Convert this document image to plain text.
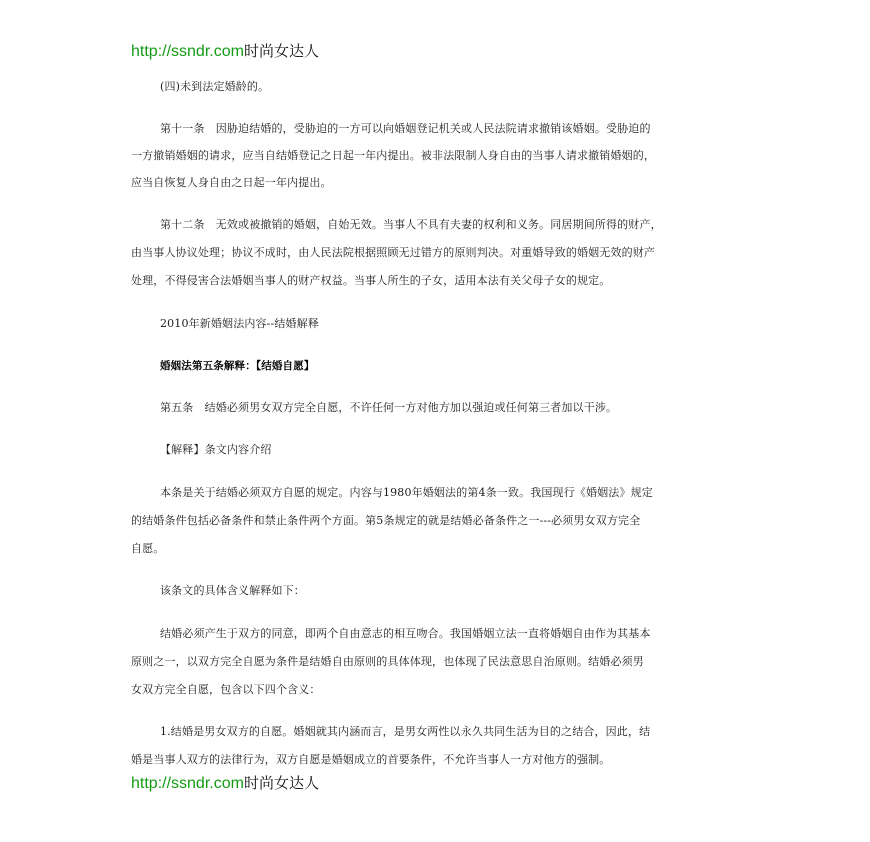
http://ssndr.com时尚女达人
(四)未到法定婚龄的。
第十一条　因胁迫结婚的，受胁迫的一方可以向婚姻登记机关或人民法院请求撤销该婚姻。受胁迫的
一方撤销婚姻的请求，应当自结婚登记之日起一年内提出。被非法限制人身自由的当事人请求撤销婚姻的，
应当自恢复人身自由之日起一年内提出。
第十二条　无效或被撤销的婚姻，自始无效。当事人不具有夫妻的权利和义务。同居期间所得的财产，
由当事人协议处理；协议不成时，由人民法院根据照顾无过错方的原则判决。对重婚导致的婚姻无效的财产
处理，不得侵害合法婚姻当事人的财产权益。当事人所生的子女，适用本法有关父母子女的规定。
2010年新婚姻法内容--结婚解释
婚姻法第五条解释：【结婚自愿】
第五条　结婚必须男女双方完全自愿，不许任何一方对他方加以强迫或任何第三者加以干涉。
【解释】条文内容介绍
本条是关于结婚必须双方自愿的规定。内容与1980年婚姻法的第4条一致。我国现行《婚姻法》规定
的结婚条件包括必备条件和禁止条件两个方面。第5条规定的就是结婚必备条件之一---必须男女双方完全
自愿。
该条文的具体含义解释如下：
结婚必须产生于双方的同意，即两个自由意志的相互吻合。我国婚姻立法一直将婚姻自由作为其基本
原则之一，以双方完全自愿为条件是结婚自由原则的具体体现，也体现了民法意思自治原则。结婚必须男
女双方完全自愿，包含以下四个含义：
1.结婚是男女双方的自愿。婚姻就其内涵而言，是男女两性以永久共同生活为目的之结合，因此，结
婚是当事人双方的法律行为，双方自愿是婚姻成立的首要条件，不允许当事人一方对他方的强制。
http://ssndr.com时尚女达人
